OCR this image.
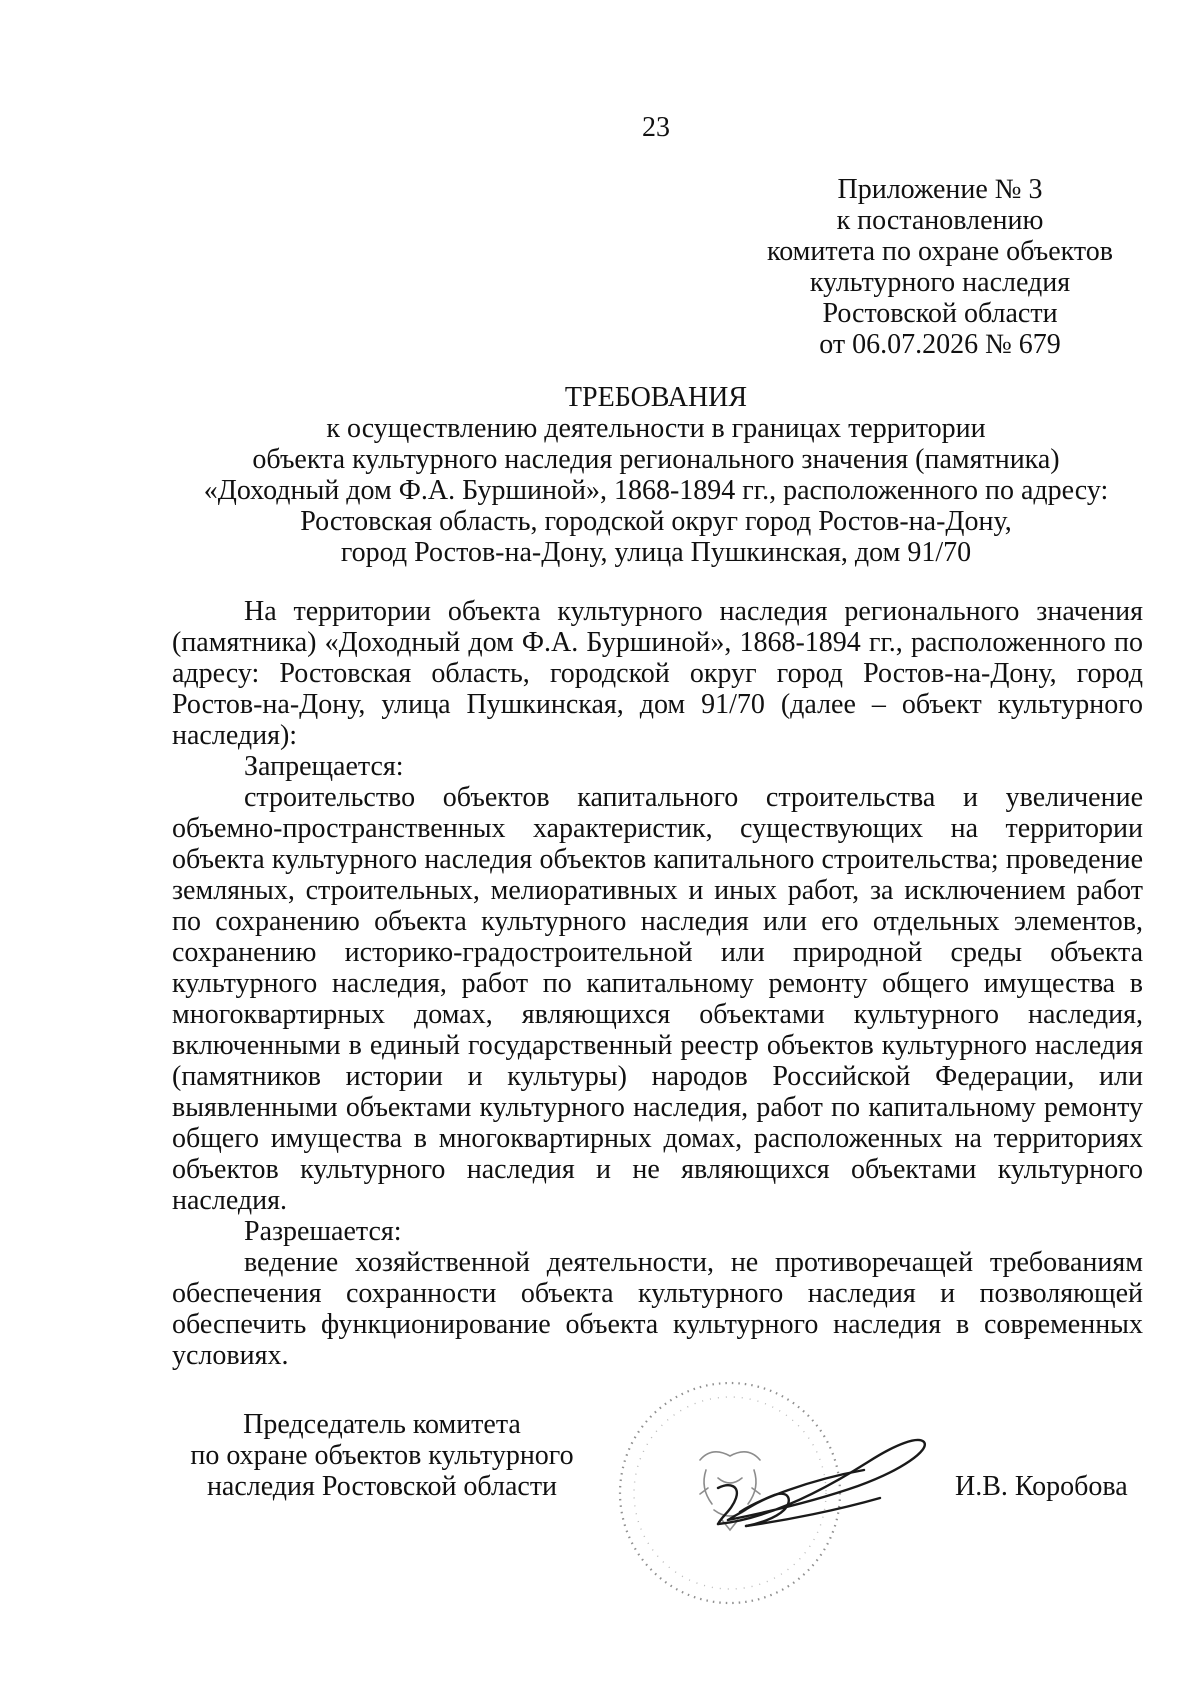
23
Приложение № 3
к постановлению
комитета по охране объектов
культурного наследия
Ростовской области
от 06.07.2026 № 679
ТРЕБОВАНИЯ
к осуществлению деятельности в границах территории
объекта культурного наследия регионального значения (памятника)
«Доходный дом Ф.А. Буршиной», 1868-1894 гг., расположенного по адресу:
Ростовская область, городской округ город Ростов-на-Дону,
город Ростов-на-Дону, улица Пушкинская, дом 91/70

На территории объекта культурного наследия регионального значения (памятника) «Доходный дом Ф.А. Буршиной», 1868-1894 гг., расположенного по адресу: Ростовская область, городской округ город Ростов-на-Дону, город Ростов-на-Дону, улица Пушкинская, дом 91/70 (далее – объект культурного наследия):

Запрещается:

строительство объектов капитального строительства и увеличение объемно-пространственных характеристик, существующих на территории объекта культурного наследия объектов капитального строительства; проведение земляных, строительных, мелиоративных и иных работ, за исключением работ по сохранению объекта культурного наследия или его отдельных элементов, сохранению историко-градостроительной или природной среды объекта культурного наследия, работ по капитальному ремонту общего имущества в многоквартирных домах, являющихся объектами культурного наследия, включенными в единый государственный реестр объектов культурного наследия (памятников истории и культуры) народов Российской Федерации, или выявленными объектами культурного наследия, работ по капитальному ремонту общего имущества в многоквартирных домах, расположенных на территориях объектов культурного наследия и не являющихся объектами культурного наследия.

Разрешается:

ведение хозяйственной деятельности, не противоречащей требованиям обеспечения сохранности объекта культурного наследия и позволяющей обеспечить функционирование объекта культурного наследия в современных условиях.

Председатель комитета
по охране объектов культурного
наследия Ростовской области	И.В. Коробова
